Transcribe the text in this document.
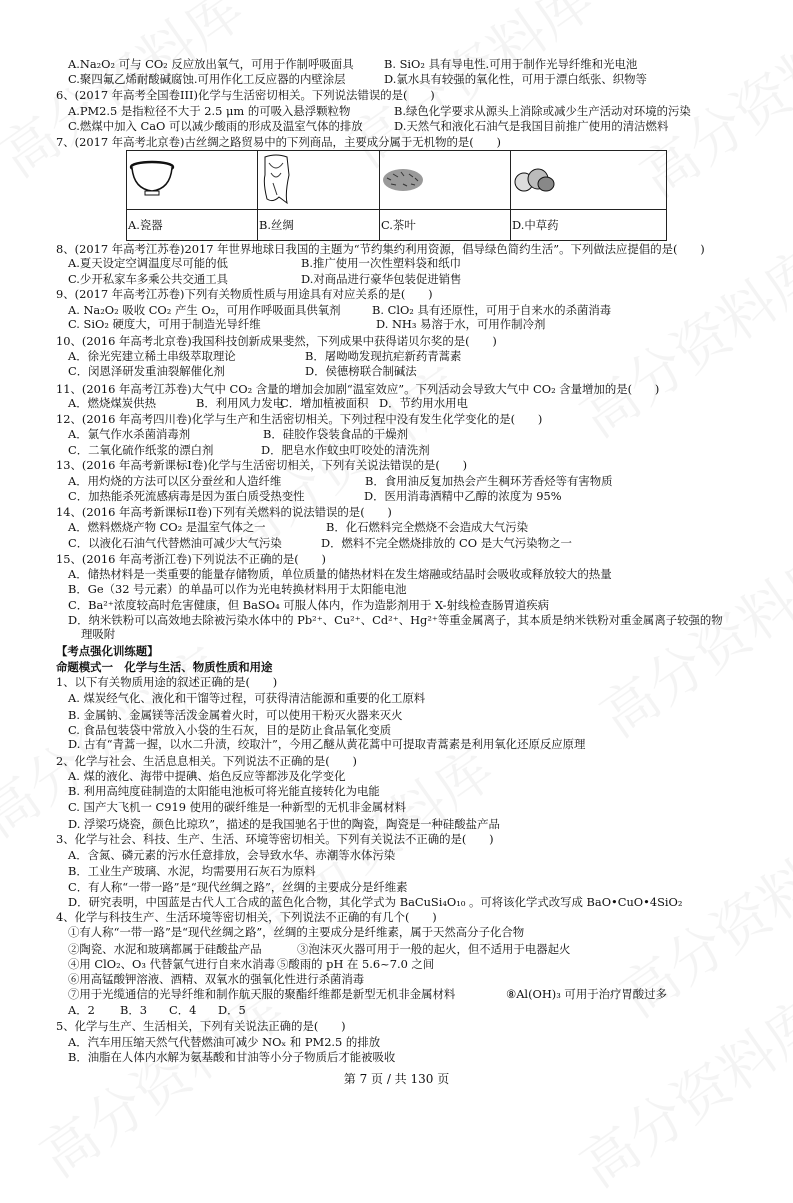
A.Na₂O₂ 可与 CO₂ 反应放出氧气，可用于作制呼吸面具	B. SiO₂ 具有导电性.可用于制作光导纤维和光电池
C.聚四氟乙烯耐酸碱腐蚀.可用作化工反应器的内壁涂层	D.氯水具有较强的氧化性，可用于漂白纸张、织物等
6、(2017 年高考全国卷III)化学与生活密切相关。下列说法错误的是(　　)
A.PM2.5 是指粒径不大于 2.5 μm 的可吸入悬浮颗粒物	B.绿色化学要求从源头上消除或减少生产活动对环境的污染
C.燃煤中加入 CaO 可以减少酸雨的形成及温室气体的排放	D.天然气和液化石油气是我国目前推广使用的清洁燃料
7、(2017 年高考北京卷)古丝绸之路贸易中的下列商品，主要成分属于无机物的是(　　)
8、(2017 年高考江苏卷)2017 年世界地球日我国的主题为“节约集约利用资源，倡导绿色简约生活”。下列做法应提倡的是(　　)
A.夏天设定空调温度尽可能的低	B.推广使用一次性塑料袋和纸巾
C.少开私家车多乘公共交通工具	D.对商品进行豪华包装促进销售
9、(2017 年高考江苏卷)下列有关物质性质与用途具有对应关系的是(　　)
A. Na₂O₂ 吸收 CO₂ 产生 O₂，可用作呼吸面具供氧剂	B. ClO₂ 具有还原性，可用于自来水的杀菌消毒
C. SiO₂ 硬度大，可用于制造光导纤维	D. NH₃ 易溶于水，可用作制冷剂
10、(2016 年高考北京卷)我国科技创新成果斐然，下列成果中获得诺贝尔奖的是(　　)
A．徐光宪建立稀土串级萃取理论	B．屠呦呦发现抗疟新药青蒿素
C．闵恩泽研发重油裂解催化剂	D．侯德榜联合制碱法
11、(2016 年高考江苏卷)大气中 CO₂ 含量的增加会加剧“温室效应”。下列活动会导致大气中 CO₂ 含量增加的是(　　)
A．燃烧煤炭供热	B．利用风力发电
C．增加植被面积 D．节约用水用电
12、(2016 年高考四川卷)化学与生产和生活密切相关。下列过程中没有发生化学变化的是(　　)
A．氯气作水杀菌消毒剂	B．硅胶作袋装食品的干燥剂
C．二氧化硫作纸浆的漂白剂	D．肥皂水作蚊虫叮咬处的清洗剂
13、(2016 年高考新课标I卷)化学与生活密切相关，下列有关说法错误的是(　　)
A．用灼烧的方法可以区分蚕丝和人造纤维	B．食用油反复加热会产生稠环芳香烃等有害物质
C．加热能杀死流感病毒是因为蛋白质受热变性	D．医用消毒酒精中乙醇的浓度为 95%
14、(2016 年高考新课标II卷)下列有关燃料的说法错误的是(　　)
A．燃料燃烧产物 CO₂ 是温室气体之一	B．化石燃料完全燃烧不会造成大气污染
C．以液化石油气代替燃油可减少大气污染	D．燃料不完全燃烧排放的 CO 是大气污染物之一
15、(2016 年高考浙江卷)下列说法不正确的是(　　)
A．储热材料是一类重要的能量存储物质，单位质量的储热材料在发生熔融或结晶时会吸收或释放较大的热量
B．Ge（32 号元素）的单晶可以作为光电转换材料用于太阳能电池
C．Ba²⁺浓度较高时危害健康，但 BaSO₄ 可服人体内，作为造影剂用于 X-射线检查肠胃道疾病
D．纳米铁粉可以高效地去除被污染水体中的 Pb²⁺、Cu²⁺、Cd²⁺、Hg²⁺等重金属离子，其本质是纳米铁粉对重金属离子较强的物
理吸附
【考点强化训练题】
命题模式一　化学与生活、物质性质和用途
1、以下有关物质用途的叙述正确的是(　　)
A. 煤炭经气化、液化和干馏等过程，可获得清洁能源和重要的化工原料
B. 金属钠、金属镁等活泼金属着火时，可以使用干粉灭火器来灭火
C. 食品包装袋中常放入小袋的生石灰，目的是防止食品氧化变质
D. 古有“青蒿一握，以水二升渍，绞取汁”，今用乙醚从黄花蒿中可提取青蒿素是利用氧化还原反应原理
2、化学与社会、生活息息相关。下列说法不正确的是(　　)
A. 煤的液化、海带中提碘、焰色反应等都涉及化学变化
B. 利用高纯度硅制造的太阳能电池板可将光能直接转化为电能
C. 国产大飞机一 C919 使用的碳纤维是一种新型的无机非金属材料
D. 浮梁巧烧瓷，颜色比琼玖”，描述的是我国驰名于世的陶瓷，陶瓷是一种硅酸盐产品
3、化学与社会、科技、生产、生活、环境等密切相关。下列有关说法不正确的是(　　)
A．含氮、磷元素的污水任意排放，会导致水华、赤潮等水体污染
B．工业生产玻璃、水泥，均需要用石灰石为原料
C．有人称“一带一路”是“现代丝绸之路”，丝绸的主要成分是纤维素
D．研究表明，中国蓝是古代人工合成的蓝色化合物，其化学式为 BaCuSi₄O₁₀ 。可将该化学式改写成 BaO•CuO•4SiO₂
4、化学与科技生产、生活环境等密切相关，下列说法不正确的有几个(　　)
①有人称“一带一路”是“现代丝绸之路”，丝绸的主要成分是纤维素，属于天然高分子化合物
②陶瓷、水泥和玻璃都属于硅酸盐产品	③泡沫灭火器可用于一般的起火，但不适用于电器起火
④用 ClO₂、O₃ 代替氯气进行自来水消毒 ⑤酸雨的 pH 在 5.6~7.0 之间
⑥用高锰酸钾溶液、酒精、双氧水的强氧化性进行杀菌消毒
⑦用于光缆通信的光导纤维和制作航天服的聚酯纤维都是新型无机非金属材料	⑧Al(OH)₃ 可用于治疗胃酸过多
A．2 B．3 C．4 D．5
5、化学与生产、生活相关，下列有关说法正确的是(　　)
A．汽车用压缩天然气代替燃油可减少 NOₓ 和 PM2.5 的排放
B．油脂在人体内水解为氨基酸和甘油等小分子物质后才能被吸收

A.瓷器	B.丝绸	C.茶叶	D.中草药
第 7 页 / 共 130 页
